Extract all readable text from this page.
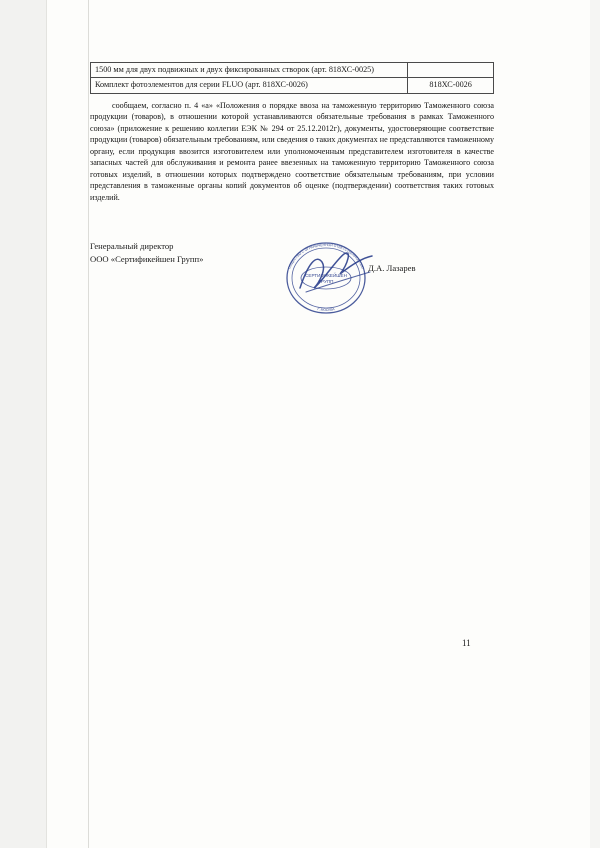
1500 мм для двух подвижных и двух фиксированных створок (арт. 818ХС-0025)	
Комплект фотоэлементов для серии FLUO (арт. 818ХС-0026)	818ХС-0026
сообщаем, согласно п. 4 «а» «Положения о порядке ввоза на таможенную территорию Таможенного союза продукции (товаров), в отношении которой устанавливаются обязательные требования в рамках Таможенного союза» (приложение к решению коллегии ЕЭК № 294 от 25.12.2012г), документы, удостоверяющие соответствие продукции (товаров) обязательным требованиям, или сведения о таких документах не представляются таможенному органу, если продукция ввозится изготовителем или уполномоченным представителем изготовителя в качестве запасных частей для обслуживания и ремонта ранее ввезенных на таможенную территорию Таможенного союза готовых изделий, в отношении которых подтверждено соответствие обязательным требованиям, при условии представления в таможенные органы копий документов об оценке (подтверждении) соответствия таких готовых изделий.
Генеральный директор
ООО «Сертификейшен Групп»
Д.А. Лазарев
ОБЩЕСТВО С ОГРАНИЧЕННОЙ ОТВЕТСТВЕННОСТЬЮ
Г. МОСКВА
СЕРТИФИКЕЙШЕН
ГРУПП
11
